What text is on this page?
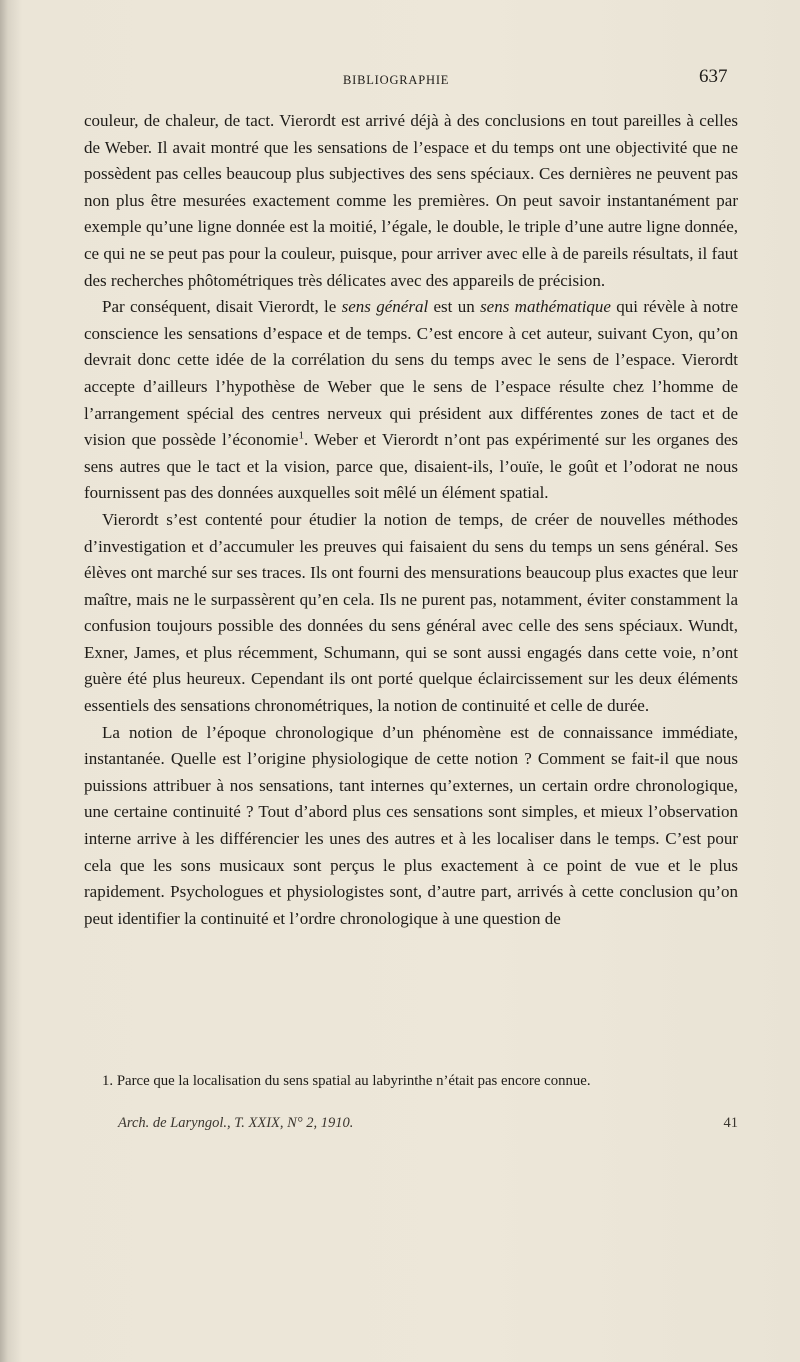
BIBLIOGRAPHIE	637

couleur, de chaleur, de tact. Vierordt est arrivé déjà à des conclusions en tout pareilles à celles de Weber. Il avait montré que les sensations de l’espace et du temps ont une objectivité que ne possèdent pas celles beaucoup plus subjectives des sens spéciaux. Ces dernières ne peuvent pas non plus être mesurées exactement comme les premières. On peut savoir instantanément par exemple qu’une ligne donnée est la moitié, l’égale, le double, le triple d’une autre ligne donnée, ce qui ne se peut pas pour la couleur, puisque, pour arriver avec elle à de pareils résultats, il faut des recherches phôtométriques très délicates avec des appareils de précision.

Par conséquent, disait Vierordt, le sens général est un sens mathématique qui révèle à notre conscience les sensations d’espace et de temps. C’est encore à cet auteur, suivant Cyon, qu’on devrait donc cette idée de la corrélation du sens du temps avec le sens de l’espace. Vierordt accepte d’ailleurs l’hypothèse de Weber que le sens de l’espace résulte chez l’homme de l’arrangement spécial des centres nerveux qui président aux différentes zones de tact et de vision que possède l’économie$^1$. Weber et Vierordt n’ont pas expérimenté sur les organes des sens autres que le tact et la vision, parce que, disaient-ils, l’ouïe, le goût et l’odorat ne nous fournissent pas des données auxquelles soit mêlé un élément spatial.

Vierordt s’est contenté pour étudier la notion de temps, de créer de nouvelles méthodes d’investigation et d’accumuler les preuves qui faisaient du sens du temps un sens général. Ses élèves ont marché sur ses traces. Ils ont fourni des mensurations beaucoup plus exactes que leur maître, mais ne le surpassèrent qu’en cela. Ils ne purent pas, notamment, éviter constamment la confusion toujours possible des données du sens général avec celle des sens spéciaux. Wundt, Exner, James, et plus récemment, Schumann, qui se sont aussi engagés dans cette voie, n’ont guère été plus heureux. Cependant ils ont porté quelque éclaircissement sur les deux éléments essentiels des sensations chronométriques, la notion de continuité et celle de durée.

La notion de l’époque chronologique d’un phénomène est de connaissance immédiate, instantanée. Quelle est l’origine physiologique de cette notion ? Comment se fait-il que nous puissions attribuer à nos sensations, tant internes qu’externes, un certain ordre chronologique, une certaine continuité ? Tout d’abord plus ces sensations sont simples, et mieux l’observation interne arrive à les différencier les unes des autres et à les localiser dans le temps. C’est pour cela que les sons musicaux sont perçus le plus exactement à ce point de vue et le plus rapidement. Psychologues et physiologistes sont, d’autre part, arrivés à cette conclusion qu’on peut identifier la continuité et l’ordre chronologique à une question de

1. Parce que la localisation du sens spatial au labyrinthe n’était pas encore connue.

Arch. de Laryngol., T. XXIX, N° 2, 1910.	41
